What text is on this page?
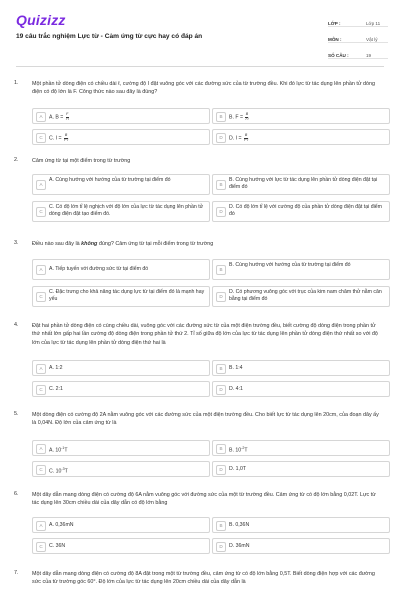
Quizizz
19 câu trắc nghiệm Lực từ - Cảm ứng từ cực hay có đáp án
LỚP :	Lớp 11
MÔN :	Vật lý
SỐ CÂU :	19
1.	Một phần tử dòng điện có chiều dài ℓ, cường độ I đặt vuông góc với các đường sức của từ trường đều. Khi đó lực từ tác dụng lên phần tử dòng điện có độ lớn là F. Công thức nào sau đây là đúng?
A	A. $B = \frac{F}{I\cdot l}$	B	B. $F = \frac{B}{I\cdot l}$
C	C. $I = \frac{B}{F\cdot l}$	D	D. $I = \frac{B}{F\cdot l}$
2.	Cảm ứng từ tại một điểm trong từ trường
A
A. Cùng hướng với hướng của từ trường tại điểm đó
B
B. Cùng hướng với lực từ tác dụng lên phần tử dòng điện đặt tại điểm đó
C
C. Có độ lớn tỉ lệ nghịch với độ lớn của lực từ tác dụng lên phần tử dòng điện đặt tạo điểm đó.	D
D. Có độ lớn tỉ lệ với cường độ của phần tử dòng điện đặt tại điểm đó
3.	Điều nào sau đây là không đúng? Cảm ứng từ tại mỗi điểm trong từ trường
A	A. Tiếp tuyến với đường sức từ tại điểm đó	B
B. Cùng hướng với hướng của từ trường tại điểm đó
C
C. Đặc trưng cho khả năng tác dụng lực từ tại điểm đó là mạnh hay yếu	D
D. Có phương vuông góc với trục của kim nam châm thử nằm cân bằng tại điểm đó
4.	Đặt hai phần tử dòng điện có cùng chiều dài, vuông góc với các đường sức từ của một điện trường đều, biết cường độ dòng điện trong phần tử thứ nhất lớn gấp hai lần cường độ dòng điện trong phần tử thứ 2. Tỉ số giữa độ lớn của lực từ tác dụng lên phần tử dòng điện thứ nhất so với độ lớn của lực từ tác dụng lên phần tử dòng điện thứ hai là
A	A. 1:2	B	B. 1:4
C	C. 2:1	D	D. 4:1
5.	Một dòng điện có cường độ 2A nằm vuông góc với các đường sức của một điện trường đều. Cho biết lực từ tác dụng lên 20cm, của đoạn dây ấy là 0,04N. Độ lớn của cảm ứng từ là
A	A. $10^{-1}T$	B	B. $10^{-2}T$
C	C. $10^{-3}T$	D	D. 1,0T
6.	Một dây dẫn mang dòng điện có cường độ 6A nằm vuông góc với đường sức của một từ trường đều. Cảm ứng từ có độ lớn bằng 0,02T. Lực từ tác dụng lên 30cm chiều dài của dây dẫn có độ lớn bằng
A	A. 0,36mN	B	B. 0,36N
C	C. 36N	D	D. 36mN
7.	Một dây dẫn mang dòng điện có cường độ 8A đặt trong một từ trường đều, cảm ứng từ có độ lớn bằng 0,5T. Biết dòng điện hợp với các đường sức của từ trường góc 60°. Độ lớn của lực từ tác dụng lên 20cm chiều dài của dây dẫn là
